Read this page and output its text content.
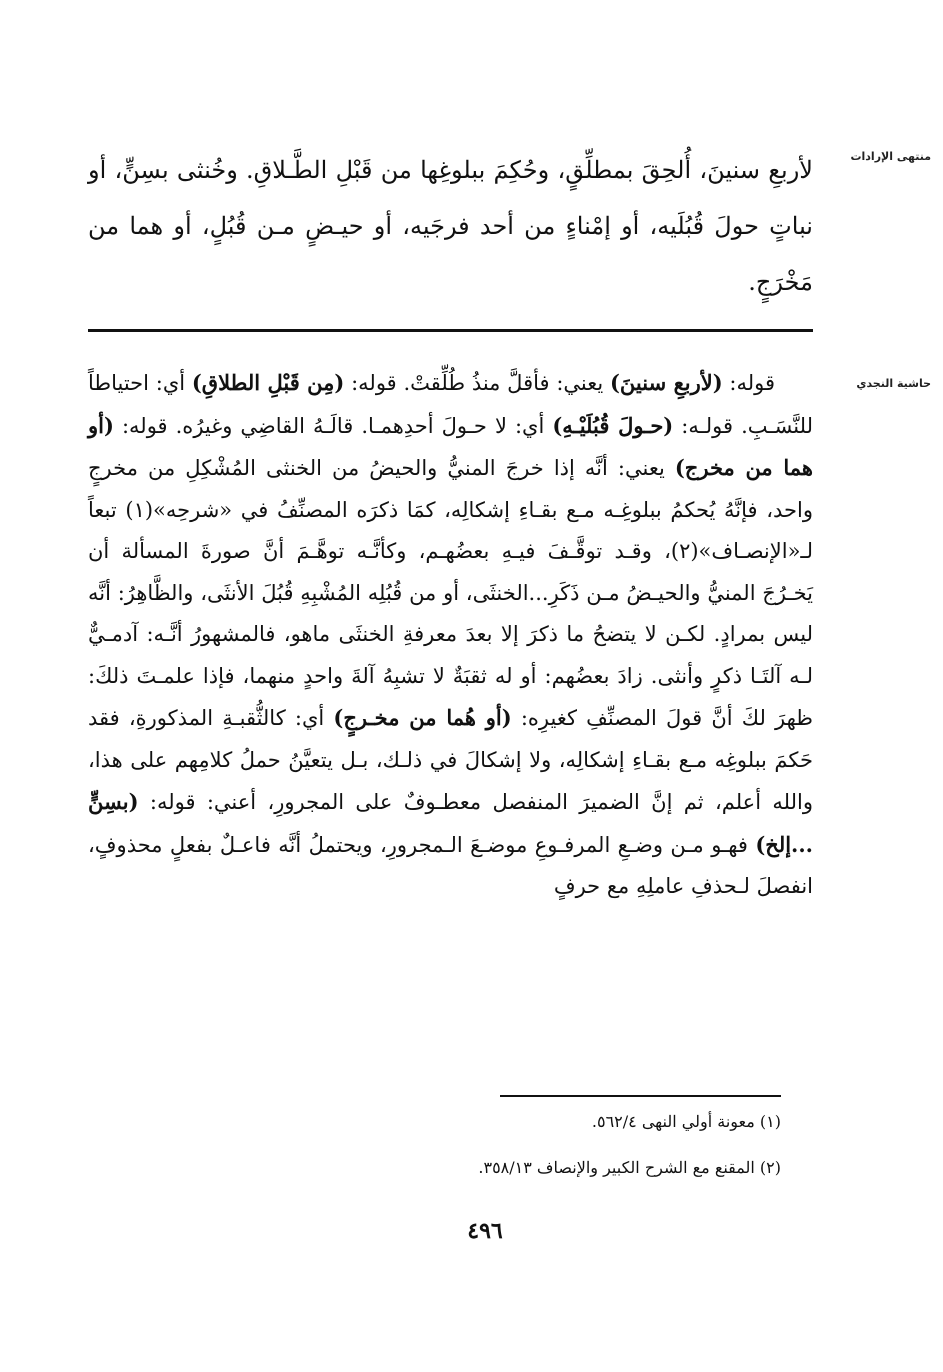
منتهى الإرادات

لأربعِ سنينَ، أُلحِقَ بمطلِّقٍ، وحُكِمَ ببلوغِها من قَبْلِ الطَّـلاقِ. وخُنثى بسِنٍّ، أو نباتٍ حولَ قُبُلَيه، أو إمْناءٍ من أحد فرجَيه، أو حيـضٍ مـن قُبُلٍ، أو هما من مَخْرَجٍ.

حاشية النجدي

قوله: (لأربعِ سنينَ) يعني: فأقلَّ منذُ طُلِّقتْ. قوله: (مِن قَبْلِ الطلاقِ) أي: احتياطاً للنَّسَـبِ. قولـه: (حـولَ قُبُلَيْـهِ) أي: لا حـولَ أحدِهمـا. قالَـهُ القاضِي وغيرُه. قوله: (أو هما من مخرج) يعني: أنَّه إذا خرجَ المنيُّ والحيضُ من الخنثى المُشْكِلِ من مخرجٍ واحد، فإنَّهُ يُحكمُ ببلوغِـه مـع بقـاءِ إشكالِه، كمَا ذكرَه المصنِّفُ في «شرحِه»(١) تبعاً لـ«الإنصـاف»(٢)، وقـد توقَّـفَ فيـهِ بعضُهـم، وكأنَّـه توهَّـمَ أنَّ صورةَ المسألة أن يَخـرُجَ المنيُّ والحيـضُ مـن ذَكَرِ...الخنثَى، أو من قُبُلِه المُشْبِهِ قُبُلَ الأنثَى، والظَّاهِرُ: أنَّه ليس بمرادٍ. لكـن لا يتضحُ ما ذكرَ إلا بعدَ معرفةِ الخنثَى ماهو، فالمشهورُ أنَّـه: آدمـيٌّ لـه آلتَـا ذكرٍ وأنثى. زادَ بعضُهم: أو له ثقبَةٌ لا تشبِهُ آلةَ واحدٍ منهما، فإذا علمـتَ ذلكَ: ظهرَ لكَ أنَّ قولَ المصنِّفِ كغيرِه: (أو هُما من مخـرجٍ) أي: كالثُّقبـةِ المذكورةِ، فقد حَكمَ ببلوغِه مـع بقـاءِ إشكالِه، ولا إشكالَ في ذلـك، بـل يتعيَّنُ حملُ كلامِهم على هذا، والله أعلم، ثم إنَّ الضميرَ المنفصل معطـوفٌ على المجرورِ، أعني: قوله: (بسِنٍّ ...إلخ) فهـو مـن وضـعِ المرفـوعِ موضـعَ الـمجرورِ، ويحتملُ أنَّه فاعـلٌ بفعلٍ محذوفٍ، انفصلَ لـحذفِ عاملِهِ مع حرفٍ

(١) معونة أولي النهى ٥٦٢/٤.

(٢) المقنع مع الشرح الكبير والإنصاف ٣٥٨/١٣.

٤٩٦
